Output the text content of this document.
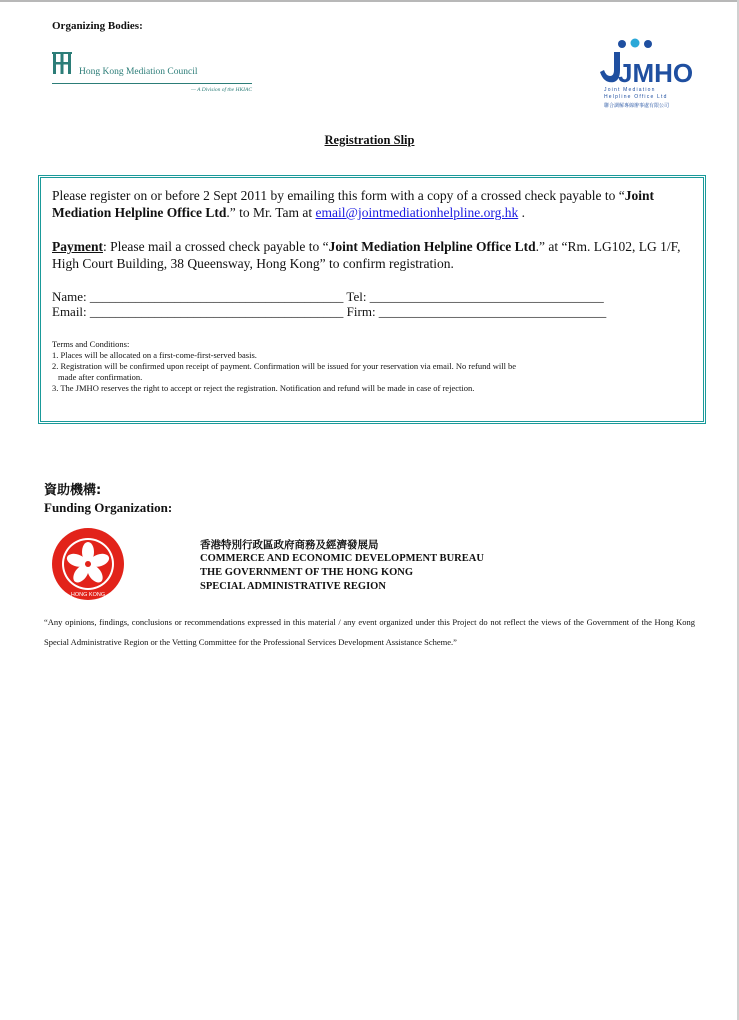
Organizing Bodies:
Hong Kong Mediation Council
— A Division of the HKIAC
JMHO
Joint Mediation
Helpline Office Ltd
聯合調解專線辦事處有限公司
Registration Slip

Please register on or before 2 Sept 2011 by emailing this form with a copy of a crossed check payable to “Joint Mediation Helpline Office Ltd.” to Mr. Tam at email@jointmediationhelpline.org.hk .

Payment: Please mail a crossed check payable to “Joint Mediation Helpline Office Ltd.” at “Rm. LG102, LG 1/F, High Court Building, 38 Queensway, Hong Kong” to confirm registration.

Name: _______________________________________ Tel: ____________________________________
Email: _______________________________________ Firm: ___________________________________
Terms and Conditions:
1. Places will be allocated on a first-come-first-served basis.
2. Registration will be confirmed upon receipt of payment. Confirmation will be issued for your reservation via email. No refund will be
made after confirmation.
3. The JMHO reserves the right to accept or reject the registration. Notification and refund will be made in case of rejection.
資助機構:
Funding Organization:
HONG KONG
香港特別行政區政府商務及經濟發展局
COMMERCE AND ECONOMIC DEVELOPMENT BUREAU
THE GOVERNMENT OF THE HONG KONG
SPECIAL ADMINISTRATIVE REGION
“Any opinions, findings, conclusions or recommendations expressed in this material / any event organized under this Project do not reflect the views of the Government of the Hong Kong Special Administrative Region or the Vetting Committee for the Professional Services Development Assistance Scheme.”
